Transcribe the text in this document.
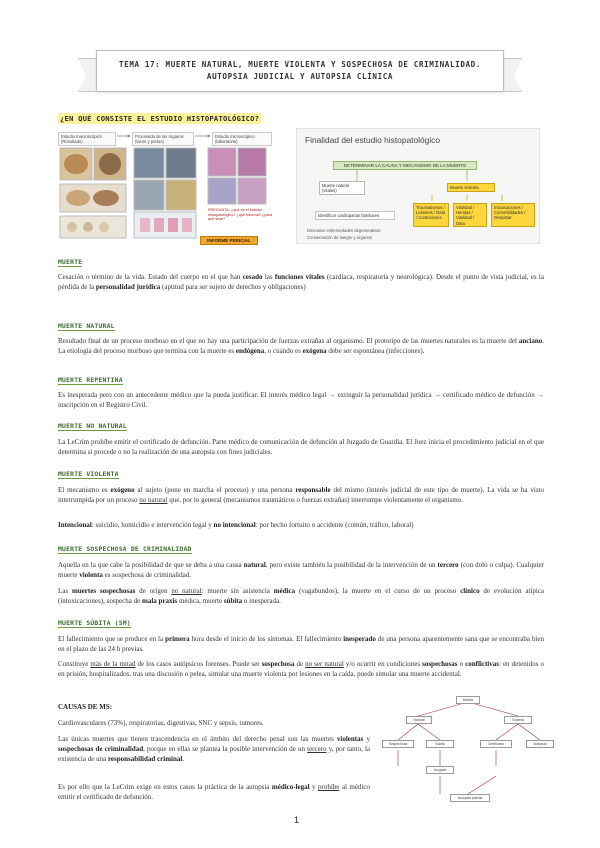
TEMA 17: MUERTE NATURAL, MUERTE VIOLENTA Y SOSPECHOSA DE CRIMINALIDAD.
AUTOPSIA JUDICIAL Y AUTOPSIA CLÍNICA
¿EN QUÉ CONSISTE EL ESTUDIO HISTOPATOLÓGICO?
Estudio macroscópico (Resultado)
Procesado de los órganos (tacos y portas)
Estudio microscópico (laboratorio)
PREGUNTA: ¿qué es el estudio histopatológico? ¿qué informa? ¿para qué sirve?
INFORME PERICIAL
Finalidad del estudio histopatológico
DETERMINAR LA CAUSA Y MECANISMO DE LA MUERTE
Muerte natural (vitales)
Muerte violenta
Identificar cardiopatías familiares
Traumatismos / Lesiones / Data / Contusiones
Vitalidad / Heridas / Vitalidad / Data
Intoxicaciones / Comorbilidades / Despistar
Descartar enfermedades degenerativas
Conservación de sangre y órganos
MUERTE
Cesación o término de la vida. Estado del cuerpo en el que han cesado las funciones vitales (cardíaca, respiratoria y neurológica). Desde el punto de vista judicial, es la pérdida de la personalidad jurídica (aptitud para ser sujeto de derechos y obligaciones)
MUERTE NATURAL
Resultado final de un proceso morboso en el que no hay una participación de fuerzas extrañas al organismo. El prototipo de las muertes naturales es la muerte del anciano. La etiología del proceso morboso que termina con la muerte es endógena, o cuando es exógena debe ser espontánea (infecciones).
MUERTE REPENTINA
Es inesperada pero con un antecedente médico que la pueda justificar. El interés médico legal → extinguir la personalidad jurídica → certificado médico de defunción → inscripción en el Registro Civil.
MUERTE NO NATURAL
La LeCrim prohíbe emitir el certificado de defunción. Parte médico de comunicación de defunción al Juzgado de Guardia. El Juez inicia el procedimiento judicial en el que determina si procede o no la realización de una autopsia con fines judiciales.
MUERTE VIOLENTA
El mecanismo es exógeno al sujeto (pone en marcha el proceso) y una persona responsable del mismo (interés judicial de este tipo de muerte). La vida se ha visto interrumpida por un proceso no natural que, por lo general (mecanismos traumáticos o fuerzas extrañas) interrumpe violentamente el organismo.
Intencional: suicidio, homicidio e intervención legal y no intencional: por hecho fortuito o accidente (común, tráfico, laboral)
MUERTE SOSPECHOSA DE CRIMINALIDAD
Aquella en la que cabe la posibilidad de que se deba a una causa natural, pero existe también la posibilidad de la intervención de un tercero (con dolo o culpa). Cualquier muerte violenta es sospechosa de criminalidad.
Las muertes sospechosas de origen no natural: muerte sin asistencia médica (vagabundos), la muerte en el curso de un proceso clínico de evolución atípica (intoxicaciones), sospecha de mala praxis médica, muerte súbita o inesperada.
MUERTE SÚBITA (SM)
El fallecimiento que se produce en la primera hora desde el inicio de los síntomas. El fallecimiento inesperado de una persona aparentemente sana que se encontraba bien en el plazo de las 24 h previas.
Constituye más de la mitad de los casos autópsicos forenses. Puede ser sospechosa de no ser natural y/o ocurrir en condiciones sospechosas o conflictivas: en detenidos o en prisión, hospitalizados, tras una discusión o pelea, simular una muerte violenta por lesiones en la caída, puede simular una muerte accidental.
CAUSAS DE MS:
Cardiovasculares (73%), respiratorias, digestivas, SNC y sepsis, tumores.
Las únicas muertes que tienen trascendencia en el ámbito del derecho penal son las muertes violentas y sospechosas de criminalidad, porque en ellas se plantea la posible intervención de un tercero y, por tanto, la existencia de una responsabilidad criminal.
Es por ello que la LeCrim exige en estos casos la práctica de la autopsia médico-legal y prohíbe al médico emitir el certificado de defunción.
Muerte
Natural	Violenta
Sospechosa	Súbita	Certificado	Autopsia
Juzgado
Autopsia judicial
1
